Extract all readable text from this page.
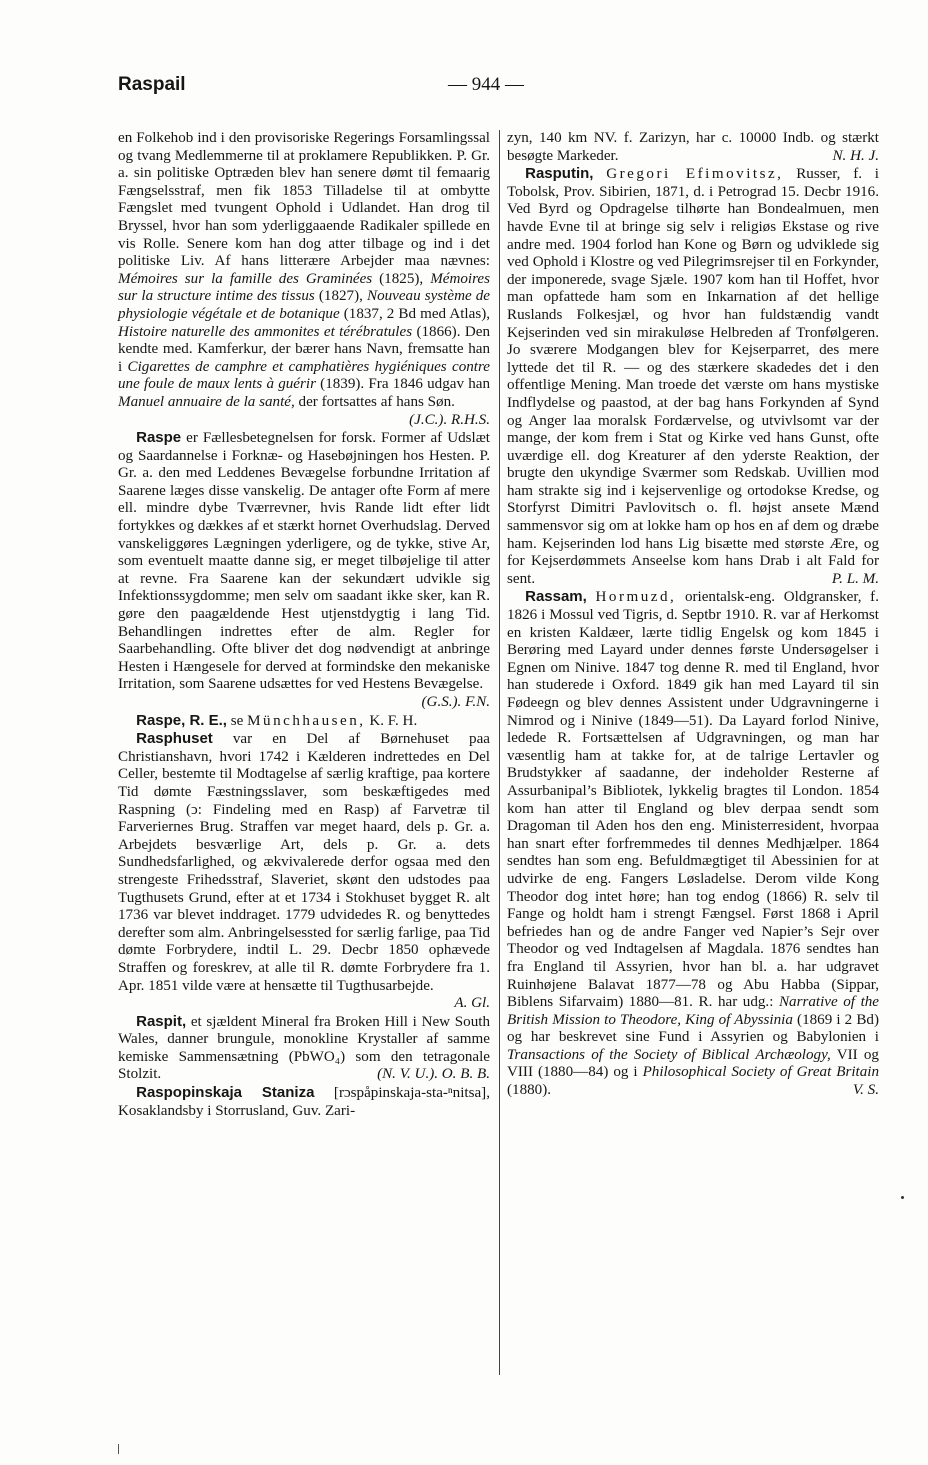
Raspail	— 944 —

en Folkehob ind i den provisoriske Regerings Forsamlingssal og tvang Medlemmerne til at proklamere Republikken. P. Gr. a. sin politiske Optræden blev han senere dømt til femaarig Fængselsstraf, men fik 1853 Tilladelse til at ombytte Fængslet med tvungent Ophold i Udlandet. Han drog til Bryssel, hvor han som yderliggaaende Radikaler spillede en vis Rolle. Senere kom han dog atter tilbage og ind i det politiske Liv. Af hans litterære Arbejder maa nævnes: Mémoires sur la famille des Graminées (1825), Mémoires sur la structure intime des tissus (1827), Nouveau système de physiologie végétale et de botanique (1837, 2 Bd med Atlas), Histoire naturelle des ammonites et térébratules (1866). Den kendte med. Kamferkur, der bærer hans Navn, fremsatte han i Cigarettes de camphre et camphatières hygiéniques contre une foule de maux lents à guérir (1839). Fra 1846 udgav han Manuel annuaire de la santé, der fortsattes af hans Søn.
(J.C.). R.H.S.

Raspe er Fællesbetegnelsen for forsk. Former af Udslæt og Saardannelse i Forknæ- og Hasebøjningen hos Hesten. P. Gr. a. den med Leddenes Bevægelse forbundne Irritation af Saarene læges disse vanskelig. De antager ofte Form af mere ell. mindre dybe Tværrevner, hvis Rande lidt efter lidt fortykkes og dækkes af et stærkt hornet Overhudslag. Derved vanskeliggøres Lægningen yderligere, og de tykke, stive Ar, som eventuelt maatte danne sig, er meget tilbøjelige til atter at revne. Fra Saarene kan der sekundært udvikle sig Infektionssygdomme; men selv om saadant ikke sker, kan R. gøre den paagældende Hest utjenstdygtig i lang Tid. Behandlingen indrettes efter de alm. Regler for Saarbehandling. Ofte bliver det dog nødvendigt at anbringe Hesten i Hængesele for derved at formindske den mekaniske Irritation, som Saarene udsættes for ved Hestens Bevægelse.
(G.S.). F.N.

Raspe, R. E., se Münchhausen, K. F. H.

Rasphuset var en Del af Børnehuset paa Christianshavn, hvori 1742 i Kælderen indrettedes en Del Celler, bestemte til Modtagelse af særlig kraftige, paa kortere Tid dømte Fæstningsslaver, som beskæftigedes med Raspning (ↄ: Findeling med en Rasp) af Farvetræ til Farveriernes Brug. Straffen var meget haard, dels p. Gr. a. Arbejdets besværlige Art, dels p. Gr. a. dets Sundhedsfarlighed, og ækvivalerede derfor ogsaa med den strengeste Frihedsstraf, Slaveriet, skønt den udstodes paa Tugthusets Grund, efter at et 1734 i Stokhuset bygget R. alt 1736 var blevet inddraget. 1779 udvidedes R. og benyttedes derefter som alm. Anbringelsessted for særlig farlige, paa Tid dømte Forbrydere, indtil L. 29. Decbr 1850 ophævede Straffen og foreskrev, at alle til R. dømte Forbrydere fra 1. Apr. 1851 vilde være at hensætte til Tugthusarbejde.
A. Gl.

Raspit, et sjældent Mineral fra Broken Hill i New South Wales, danner brungule, monokline Krystaller af samme kemiske Sammensætning (PbWO₄) som den tetragonale Stolzit.	(N. V. U.). O. B. B.

Raspopinskaja Staniza [rɔspåpinskaja-sta-ⁿnitsa], Kosaklandsby i Storrusland, Guv. Zari-

zyn, 140 km NV. f. Zarizyn, har c. 10000 Indb. og stærkt besøgte Markeder.	N. H. J.

Rasputin, Gregori Efimovitsz, Russer, f. i Tobolsk, Prov. Sibirien, 1871, d. i Petrograd 15. Decbr 1916. Ved Byrd og Opdragelse tilhørte han Bondealmuen, men havde Evne til at bringe sig selv i religiøs Ekstase og rive andre med. 1904 forlod han Kone og Børn og udviklede sig ved Ophold i Klostre og ved Pilegrimsrejser til en Forkynder, der imponerede, svage Sjæle. 1907 kom han til Hoffet, hvor man opfattede ham som en Inkarnation af det hellige Ruslands Folkesjæl, og hvor han fuldstændig vandt Kejserinden ved sin mirakuløse Helbreden af Tronfølgeren. Jo sværere Modgangen blev for Kejserparret, des mere lyttede det til R. — og des stærkere skadedes det i den offentlige Mening. Man troede det værste om hans mystiske Indflydelse og paastod, at der bag hans Forkynden af Synd og Anger laa moralsk Fordærvelse, og utvivlsomt var der mange, der kom frem i Stat og Kirke ved hans Gunst, ofte uværdige ell. dog Kreaturer af den yderste Reaktion, der brugte den ukyndige Sværmer som Redskab. Uvillien mod ham strakte sig ind i kejservenlige og ortodokse Kredse, og Storfyrst Dimitri Pavlovitsch o. fl. højst ansete Mænd sammensvor sig om at lokke ham op hos en af dem og dræbe ham. Kejserinden lod hans Lig bisætte med største Ære, og for Kejserdømmets Anseelse kom hans Drab i alt Fald for sent.	P. L. M.

Rassam, Hormuzd, orientalsk-eng. Oldgransker, f. 1826 i Mossul ved Tigris, d. Septbr 1910. R. var af Herkomst en kristen Kaldæer, lærte tidlig Engelsk og kom 1845 i Berøring med Layard under dennes første Undersøgelser i Egnen om Ninive. 1847 tog denne R. med til England, hvor han studerede i Oxford. 1849 gik han med Layard til sin Fødeegn og blev dennes Assistent under Udgravningerne i Nimrod og i Ninive (1849—51). Da Layard forlod Ninive, ledede R. Fortsættelsen af Udgravningen, og man har væsentlig ham at takke for, at de talrige Lertavler og Brudstykker af saadanne, der indeholder Resterne af Assurbanipal’s Bibliotek, lykkelig bragtes til London. 1854 kom han atter til England og blev derpaa sendt som Dragoman til Aden hos den eng. Ministerresident, hvorpaa han snart efter forfremmedes til dennes Medhjælper. 1864 sendtes han som eng. Befuldmægtiget til Abessinien for at udvirke de eng. Fangers Løsladelse. Derom vilde Kong Theodor dog intet høre; han tog endog (1866) R. selv til Fange og holdt ham i strengt Fængsel. Først 1868 i April befriedes han og de andre Fanger ved Napier’s Sejr over Theodor og ved Indtagelsen af Magdala. 1876 sendtes han fra England til Assyrien, hvor han bl. a. har udgravet Ruinhøjene Balavat 1877—78 og Abu Habba (Sippar, Biblens Sifarvaim) 1880—81. R. har udg.: Narrative of the British Mission to Theodore, King of Abyssinia (1869 i 2 Bd) og har beskrevet sine Fund i Assyrien og Babylonien i Transactions of the Society of Biblical Archæology, VII og VIII (1880—84) og i Philosophical Society of Great Britain (1880).	V. S.
